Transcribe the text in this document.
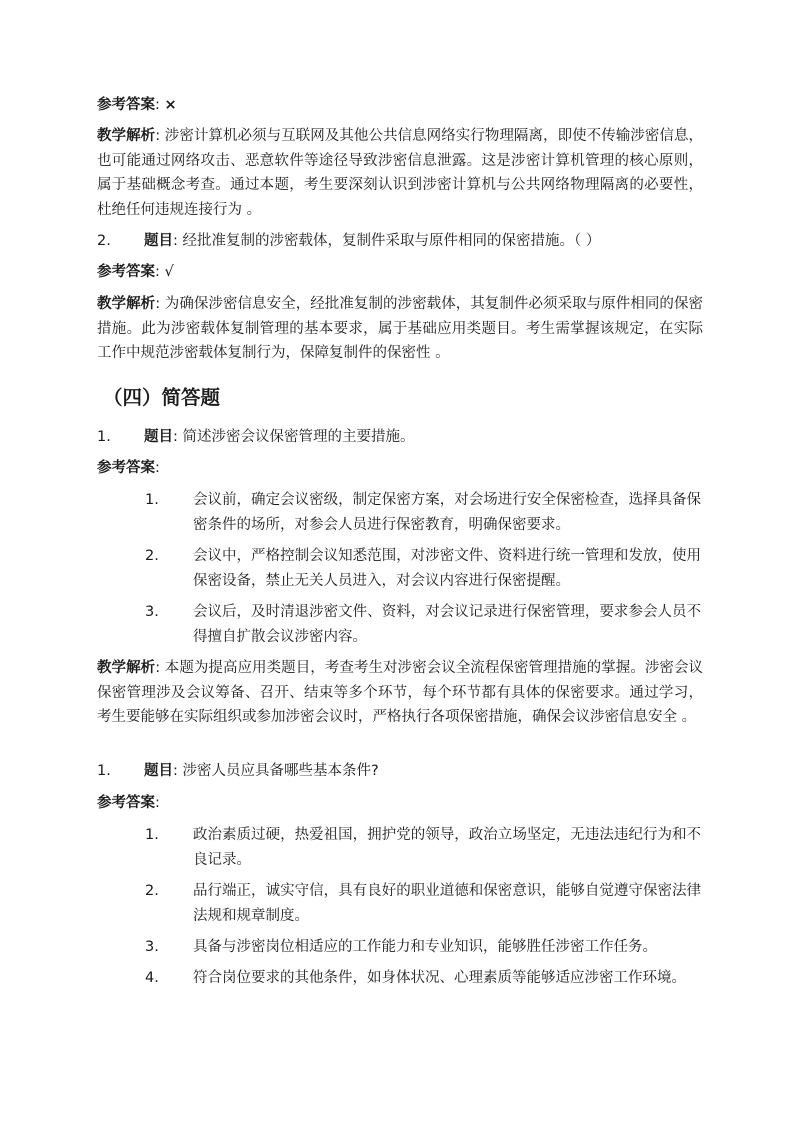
参考答案: ×
教学解析: 涉密计算机必须与互联网及其他公共信息网络实行物理隔离，即使不传输涉密信息，也可能通过网络攻击、恶意软件等途径导致涉密信息泄露。这是涉密计算机管理的核心原则，属于基础概念考查。通过本题，考生要深刻认识到涉密计算机与公共网络物理隔离的必要性，杜绝任何违规连接行为 。
2. 题目: 经批准复制的涉密载体，复制件采取与原件相同的保密措施。（ ）
参考答案: √
教学解析: 为确保涉密信息安全，经批准复制的涉密载体，其复制件必须采取与原件相同的保密措施。此为涉密载体复制管理的基本要求，属于基础应用类题目。考生需掌握该规定，在实际工作中规范涉密载体复制行为，保障复制件的保密性 。
（四）简答题
1. 题目: 简述涉密会议保密管理的主要措施。
参考答案:
1. 会议前，确定会议密级，制定保密方案，对会场进行安全保密检查，选择具备保密条件的场所，对参会人员进行保密教育，明确保密要求。
2. 会议中，严格控制会议知悉范围，对涉密文件、资料进行统一管理和发放，使用保密设备，禁止无关人员进入，对会议内容进行保密提醒。
3. 会议后，及时清退涉密文件、资料，对会议记录进行保密管理，要求参会人员不得擅自扩散会议涉密内容。
教学解析: 本题为提高应用类题目，考查考生对涉密会议全流程保密管理措施的掌握。涉密会议保密管理涉及会议筹备、召开、结束等多个环节，每个环节都有具体的保密要求。通过学习，考生要能够在实际组织或参加涉密会议时，严格执行各项保密措施，确保会议涉密信息安全 。
1. 题目: 涉密人员应具备哪些基本条件?
参考答案:
1. 政治素质过硬，热爱祖国，拥护党的领导，政治立场坚定，无违法违纪行为和不良记录。
2. 品行端正，诚实守信，具有良好的职业道德和保密意识，能够自觉遵守保密法律法规和规章制度。
3. 具备与涉密岗位相适应的工作能力和专业知识，能够胜任涉密工作任务。
4. 符合岗位要求的其他条件，如身体状况、心理素质等能够适应涉密工作环境。
